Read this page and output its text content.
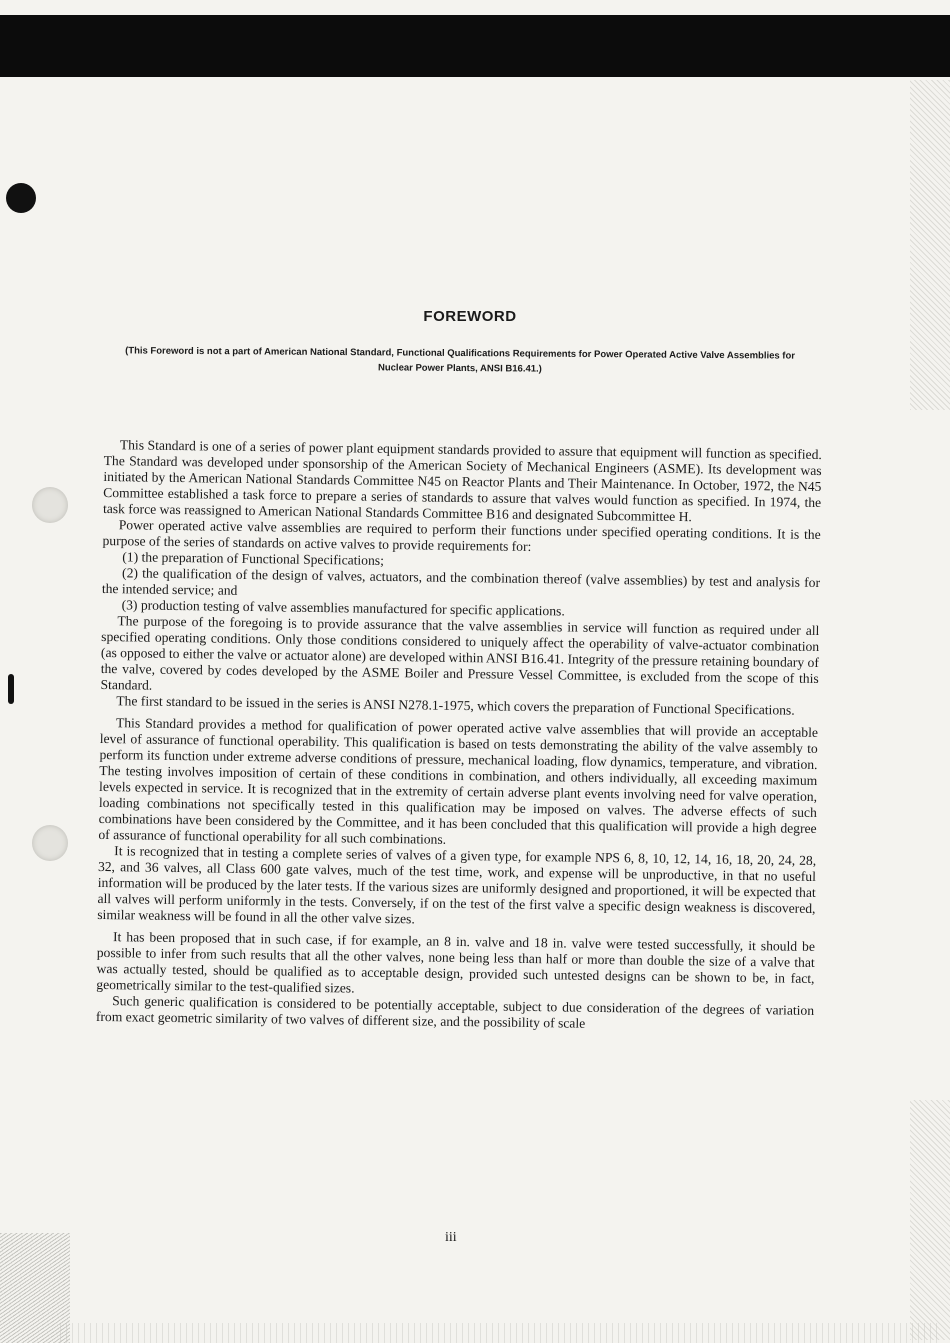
FOREWORD
(This Foreword is not a part of American National Standard, Functional Qualifications Requirements for Power Operated Active Valve Assemblies for Nuclear Power Plants, ANSI B16.41.)

This Standard is one of a series of power plant equipment standards provided to assure that equipment will function as specified. The Standard was developed under sponsorship of the American Society of Mechanical Engineers (ASME). Its development was initiated by the American National Standards Committee N45 on Reactor Plants and Their Maintenance. In October, 1972, the N45 Committee established a task force to prepare a series of standards to assure that valves would function as specified. In 1974, the task force was reassigned to American National Standards Committee B16 and designated Subcommittee H.

Power operated active valve assemblies are required to perform their functions under specified operating conditions. It is the purpose of the series of standards on active valves to provide requirements for:

(1) the preparation of Functional Specifications;

(2) the qualification of the design of valves, actuators, and the combination thereof (valve assemblies) by test and analysis for the intended service; and

(3) production testing of valve assemblies manufactured for specific applications.

The purpose of the foregoing is to provide assurance that the valve assemblies in service will function as required under all specified operating conditions. Only those conditions considered to uniquely affect the operability of valve-actuator combination (as opposed to either the valve or actuator alone) are developed within ANSI B16.41. Integrity of the pressure retaining boundary of the valve, covered by codes developed by the ASME Boiler and Pressure Vessel Committee, is excluded from the scope of this Standard.

The first standard to be issued in the series is ANSI N278.1-1975, which covers the preparation of Functional Specifications.

This Standard provides a method for qualification of power operated active valve assemblies that will provide an acceptable level of assurance of functional operability. This qualification is based on tests demonstrating the ability of the valve assembly to perform its function under extreme adverse conditions of pressure, mechanical loading, flow dynamics, temperature, and vibration. The testing involves imposition of certain of these conditions in combination, and others individually, all exceeding maximum levels expected in service. It is recognized that in the extremity of certain adverse plant events involving need for valve operation, loading combinations not specifically tested in this qualification may be imposed on valves. The adverse effects of such combinations have been considered by the Committee, and it has been concluded that this qualification will provide a high degree of assurance of functional operability for all such combinations.

It is recognized that in testing a complete series of valves of a given type, for example NPS 6, 8, 10, 12, 14, 16, 18, 20, 24, 28, 32, and 36 valves, all Class 600 gate valves, much of the test time, work, and expense will be unproductive, in that no useful information will be produced by the later tests. If the various sizes are uniformly designed and proportioned, it will be expected that all valves will perform uniformly in the tests. Conversely, if on the test of the first valve a specific design weakness is discovered, similar weakness will be found in all the other valve sizes.

It has been proposed that in such case, if for example, an 8 in. valve and 18 in. valve were tested successfully, it should be possible to infer from such results that all the other valves, none being less than half or more than double the size of a valve that was actually tested, should be qualified as to acceptable design, provided such untested designs can be shown to be, in fact, geometrically similar to the test-qualified sizes.

Such generic qualification is considered to be potentially acceptable, subject to due consideration of the degrees of variation from exact geometric similarity of two valves of different size, and the possibility of scale

iii
